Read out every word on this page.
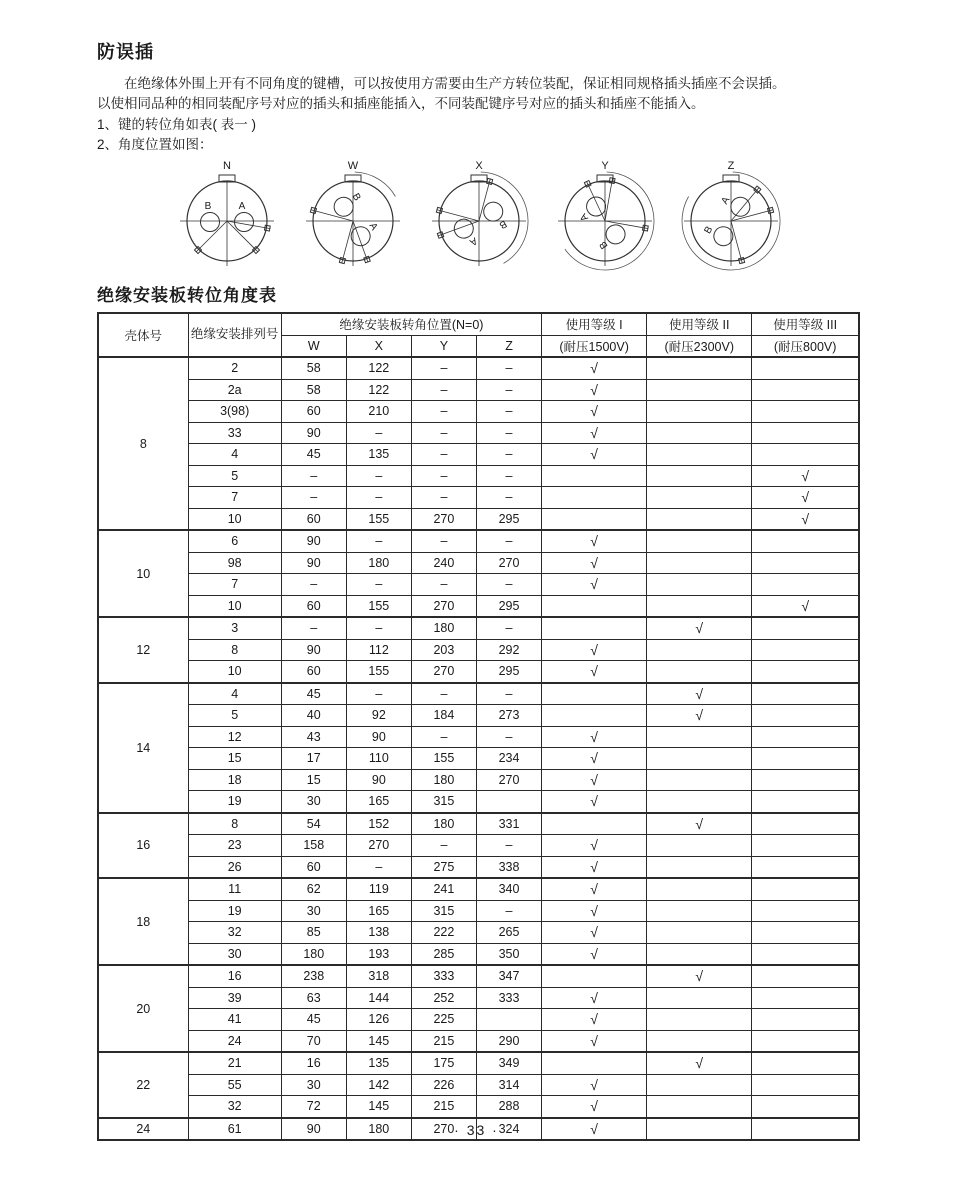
防误插
在绝缘体外围上开有不同角度的键槽，可以按使用方需要由生产方转位装配，保证相同规格插头插座不会误插。
以使相同品种的相同装配序号对应的插头和插座能插入，不同装配键序号对应的插头和插座不能插入。
1、键的转位角如表( 表一 )
2、角度位置如图：
N
A
B
W
A
B
X
A
B
Y
A
B
Z
A
B
绝缘安装板转位角度表
壳体号	绝缘安装排列号	绝缘安装板转角位置(N=0)				使用等级 I	使用等级 II	使用等级 III
		W	X	Y	Z	(耐压1500V)	(耐压2300V)	(耐压800V)
8	2	58	122	–	–	√		
	2a	58	122	–	–	√		
	3(98)	60	210	–	–	√		
	33	90	–	–	–	√		
	4	45	135	–	–	√		
	5	–	–	–	–			√
	7	–	–	–	–			√
	10	60	155	270	295			√
10	6	90	–	–	–	√		
	98	90	180	240	270	√		
	7	–	–	–	–	√		
	10	60	155	270	295			√
12	3	–	–	180	–		√	
	8	90	112	203	292	√		
	10	60	155	270	295	√		
14	4	45	–	–	–		√	
	5	40	92	184	273		√	
	12	43	90	–	–	√		
	15	17	110	155	234	√		
	18	15	90	180	270	√		
	19	30	165	315		√		
16	8	54	152	180	331		√	
	23	158	270	–	–	√		
	26	60	–	275	338	√		
18	11	62	119	241	340	√		
	19	30	165	315	–	√		
	32	85	138	222	265	√		
	30	180	193	285	350	√		
20	16	238	318	333	347		√	
	39	63	144	252	333	√		
	41	45	126	225		√		
	24	70	145	215	290	√		
22	21	16	135	175	349		√	
	55	30	142	226	314	√		
	32	72	145	215	288	√		
24	61	90	180	270	324	√		
· 33 ·
